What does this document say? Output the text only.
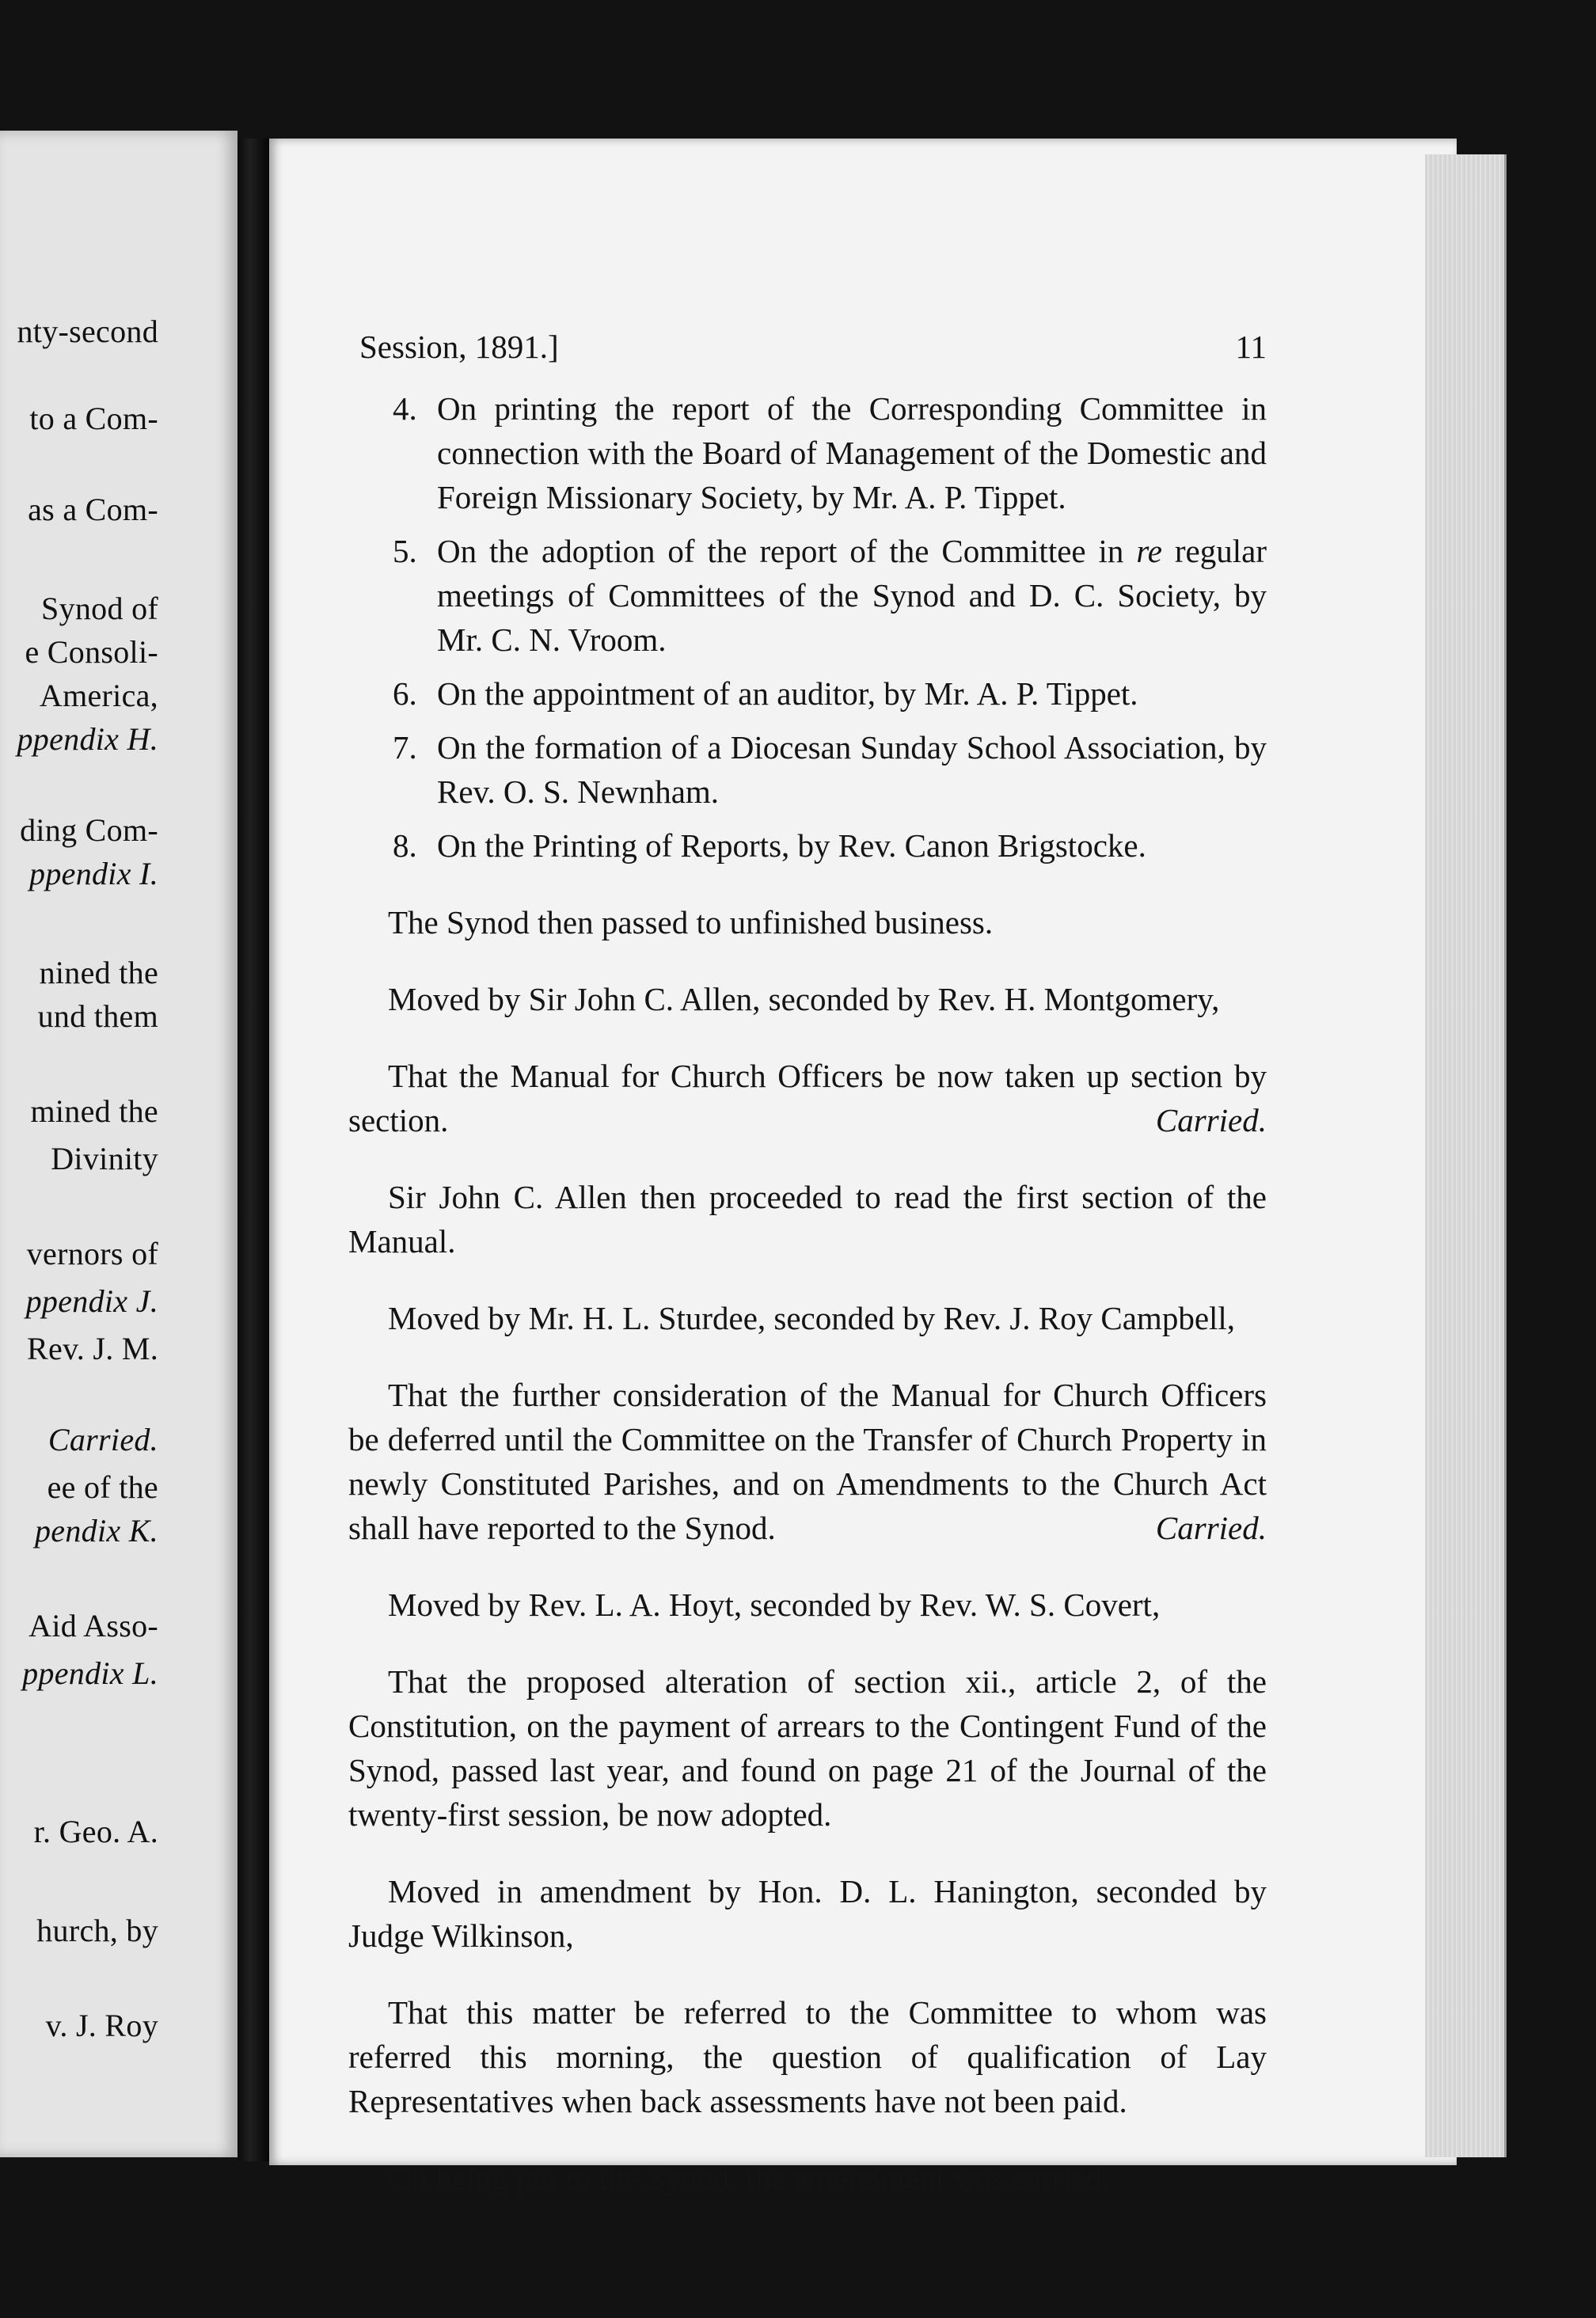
nty-second
to a Com-
as a Com-
Synod of
e Consoli-
America,
ppendix H.
ding Com-
ppendix I.
nined the
und them
mined the
Divinity
vernors of
ppendix J.
Rev. J. M.
Carried.
ee of the
pendix K.
Aid Asso-
ppendix L.
r. Geo. A.
hurch, by
v. J. Roy
Session, 1891.]	11
4. On printing the report of the Corresponding Committee in connection with the Board of Management of the Domestic and Foreign Missionary Society, by Mr. A. P. Tippet.
5. On the adoption of the report of the Committee in re regular meetings of Committees of the Synod and D. C. Society, by Mr. C. N. Vroom.
6. On the appointment of an auditor, by Mr. A. P. Tippet.
7. On the formation of a Diocesan Sunday School Association, by Rev. O. S. Newnham.
8. On the Printing of Reports, by Rev. Canon Brigstocke.

The Synod then passed to unfinished business.

Moved by Sir John C. Allen, seconded by Rev. H. Montgomery,

That the Manual for Church Officers be now taken up section by section.	Carried.

Sir John C. Allen then proceeded to read the first section of the Manual.

Moved by Mr. H. L. Sturdee, seconded by Rev. J. Roy Campbell,

That the further consideration of the Manual for Church Officers be deferred until the Committee on the Transfer of Church Property in newly Constituted Parishes, and on Amendments to the Church Act shall have reported to the Synod.	Carried.

Moved by Rev. L. A. Hoyt, seconded by Rev. W. S. Covert,

That the proposed alteration of section xii., article 2, of the Constitution, on the payment of arrears to the Contingent Fund of the Synod, passed last year, and found on page 21 of the Journal of the twenty-first session, be now adopted.

Moved in amendment by Hon. D. L. Hanington, seconded by Judge Wilkinson,

That this matter be referred to the Committee to whom was referred this morning, the question of qualification of Lay Representatives when back assessments have not been paid.

On being put to the Synod, the amendment was carried.
